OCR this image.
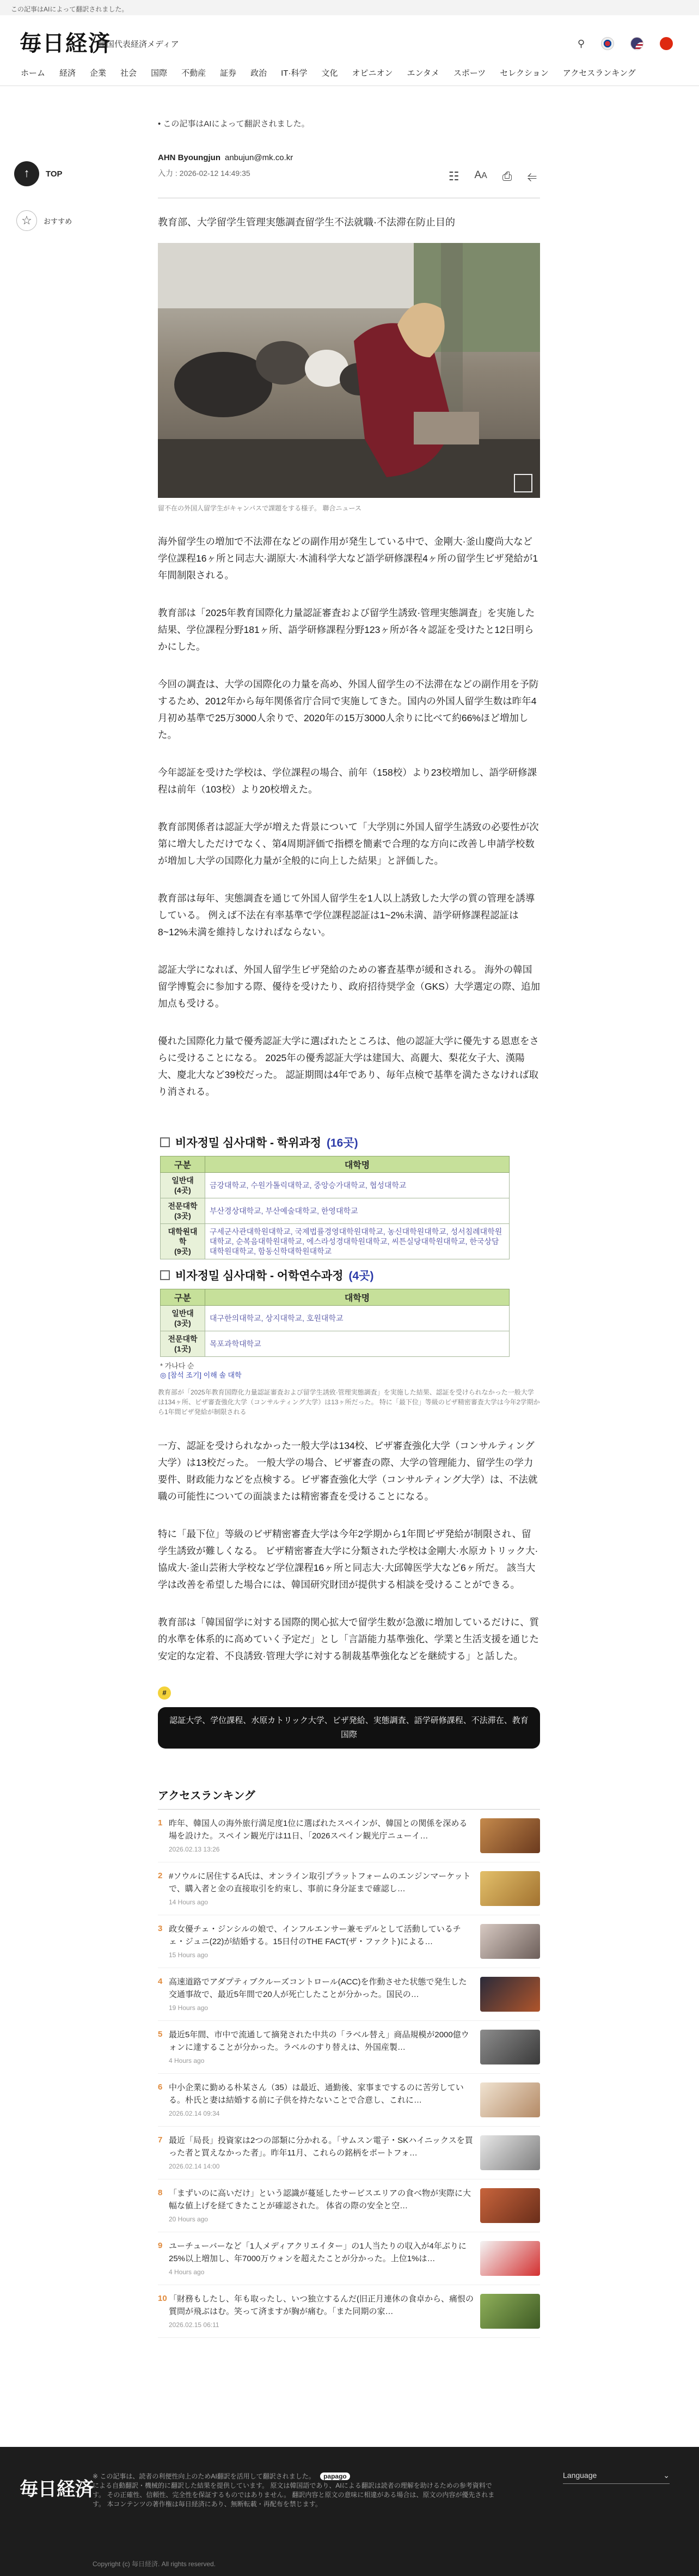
この記事はAIによって翻訳されました。
毎日経済
韓国代表経済メディア	⚲
ホーム 経済 企業 社会 国際 不動産 証券 政治 IT·科学 文化 オピニオン エンタメ スポーツ セレクション アクセスランキング
↑	TOP
☆	おすすめ
• この記事はAIによって翻訳されました。
AHN Byoungjun anbujun@mk.co.kr
入力 : 2026-02-12 14:49:35	☷ AA ⎙ ⥢
教育部、大学留学生管理実態調査留学生不法就職·不法滞在防止目的
留不在の外国人留学生がキャンパスで課題をする様子。 聯合ニュース
海外留学生の増加で不法滞在などの副作用が発生している中で、金剛大·釜山慶尚大など学位課程16ヶ所と同志大·湖原大·木浦科学大など語学研修課程4ヶ所の留学生ビザ発給が1年間制限される。
教育部は「2025年教育国際化力量認証審査および留学生誘致·管理実態調査」を実施した結果、学位課程分野181ヶ所、語学研修課程分野123ヶ所が各々認証を受けたと12日明らかにした。
今回の調査は、大学の国際化の力量を高め、外国人留学生の不法滞在などの副作用を予防するため、2012年から毎年関係省庁合同で実施してきた。国内の外国人留学生数は昨年4月初め基準で25万3000人余りで、2020年の15万3000人余りに比べて約66%ほど増加した。
今年認証を受けた学校は、学位課程の場合、前年（158校）より23校増加し、語学研修課程は前年（103校）より20校増えた。
教育部関係者は認証大学が増えた背景について「大学別に外国人留学生誘致の必要性が次第に増大しただけでなく、第4周期評価で指標を簡素で合理的な方向に改善し申請学校数が増加し大学の国際化力量が全般的に向上した結果」と評価した。
教育部は毎年、実態調査を通じて外国人留学生を1人以上誘致した大学の質の管理を誘導している。 例えば不法在有率基準で学位課程認証は1~2%未満、語学研修課程認証は8~12%未満を維持しなければならない。
認証大学になれば、外国人留学生ビザ発給のための審査基準が緩和される。 海外の韓国留学博覧会に参加する際、優待を受けたり、政府招待奨学金（GKS）大学選定の際、追加加点も受ける。
優れた国際化力量で優秀認証大学に選ばれたところは、他の認証大学に優先する恩恵をさらに受けることになる。 2025年の優秀認証大学は建国大、高麗大、梨花女子大、漢陽大、慶北大など39校だった。 認証期間は4年であり、毎年点検で基準を満たさなければ取り消される。
비자정밀 심사대학 - 학위과정 (16곳)
구분	대학명
일반대
(4곳)	금강대학교, 수원가톨릭대학교, 중앙승가대학교, 협성대학교
전문대학
(3곳)	부산경상대학교, 부산예술대학교, 한영대학교
대학원대학
(9곳)	구세군사관대학원대학교, 국제법률경영대학원대학교, 농신대학원대학교, 성서침례대학원대학교, 순복음대학원대학교, 에스라성경대학원대학교, 씨튼실당대학원대학교, 한국상담대학원대학교, 함동신학대학원대학교
비자정밀 심사대학 - 어학연수과정 (4곳)
구분	대학명
일반대
(3곳)	대구한의대학교, 상지대학교, 호원대학교
전문대학
(1곳)	목포과학대학교
* 가나다 순
◎ [참석 조기] 이해 솔 대학
教育部が「2025年教育国際化力量認証審査および留学生誘致·管理実態調査」を実施した結果、認証を受けられなかった一般大学は134ヶ所、ビザ審査強化大学（コンサルティング大学）は13ヶ所だった。 特に「最下位」等級のビザ精密審査大学は今年2学期から1年間ビザ発給が制限される
一方、認証を受けられなかった一般大学は134校、ビザ審査強化大学（コンサルティング大学）は13校だった。 一般大学の場合、ビザ審査の際、大学の管理能力、留学生の学力要件、財政能力などを点検する。ビザ審査強化大学（コンサルティング大学）は、不法就職の可能性についての面談または精密審査を受けることになる。
特に「最下位」等級のビザ精密審査大学は今年2学期から1年間ビザ発給が制限され、留学生誘致が難しくなる。 ビザ精密審査大学に分類された学校は金剛大·水原カトリック大·協成大·釜山芸術大学校など学位課程16ヶ所と同志大·大邱韓医学大など6ヶ所だ。 該当大学は改善を希望した場合には、韓国研究財団が提供する相談を受けることができる。
教育部は「韓国留学に対する国際的関心拡大で留学生数が急激に増加しているだけに、質的水準を体系的に高めていく予定だ」とし「言語能力基準強化、学業と生活支援を通じた安定的な定着、不良誘致·管理大学に対する制裁基準強化などを継続する」と話した。
#
認証大学、学位課程、水原カトリック大学、ビザ発給、実態調査、語学研修課程、不法滞在、教育国際
アクセスランキング
1 昨年、韓国人の海外旅行満足度1位に選ばれたスペインが、韓国との関係を深める場を設けた。スペイン観光庁は11日、「2026スペイン観光庁ニューイ…
2026.02.13 13:26
2 #ソウルに居住するA氏は、オンライン取引プラットフォームのエンジンマーケットで、購入者と金の直接取引を約束し、事前に身分証まで確認し…
14 Hours ago
3 政女優チェ・ジンシルの娘で、インフルエンサー兼モデルとして活動しているチェ・ジュニ(22)が結婚する。15日付のTHE FACT(ザ・ファクト)による…
15 Hours ago
4 高速道路でアダプティブクルーズコントロール(ACC)を作動させた状態で発生した交通事故で、最近5年間で20人が死亡したことが分かった。国民の…
19 Hours ago
5 最近5年間、市中で流通して摘発された中共の「ラベル替え」商品規模が2000億ウォンに達することが分かった。ラベルのすり替えは、外国産製…
4 Hours ago
6 中小企業に勤める朴某さん（35）は最近、通勤後、家事までするのに苦労している。朴氏と妻は結婚する前に子供を持たないことで合意し、これに…
2026.02.14 09:34
7 最近「局長」投資家は2つの部類に分かれる。「サムスン電子・SKハイニックスを買った者と買えなかった者」。昨年11月、これらの銘柄をポートフォ…
2026.02.14 14:00
8 「まずいのに高いだけ」という認識が蔓延したサービスエリアの食べ物が実際に大幅な値上げを経てきたことが確認された。 体省の際の安全と空…
20 Hours ago
9 ユーチューバーなど「1人メディアクリエイター」の1人当たりの収入が4年ぶりに25%以上増加し、年7000万ウォンを超えたことが分かった。上位1%は…
4 Hours ago
10 「財務もしたし、年も取ったし、いつ独立するんだ(旧正月連休の食卓から、痛恨の質問が飛ぶはむ。笑って済ますが胸が痛む。「また同期の家…
2026.02.15 06:11
毎日経済
※ この記事は、読者の利便性向上のためAI翻訳を活用して翻訳されました。 papago
による自動翻訳・機械的に翻訳した結果を提供しています。 原文は韓国語であり、AIによる翻訳は読者の理解を助けるための参考資料です。 その正確性、信頼性、完全性を保証するものではありません。 翻訳内容と原文の意味に相違がある場合は、原文の内容が優先されます。 本コンテンツの著作権は毎日経済にあり、無断転載・再配布を禁じます。
Language	⌄
Copyright (c) 毎日経済. All rights reserved.
